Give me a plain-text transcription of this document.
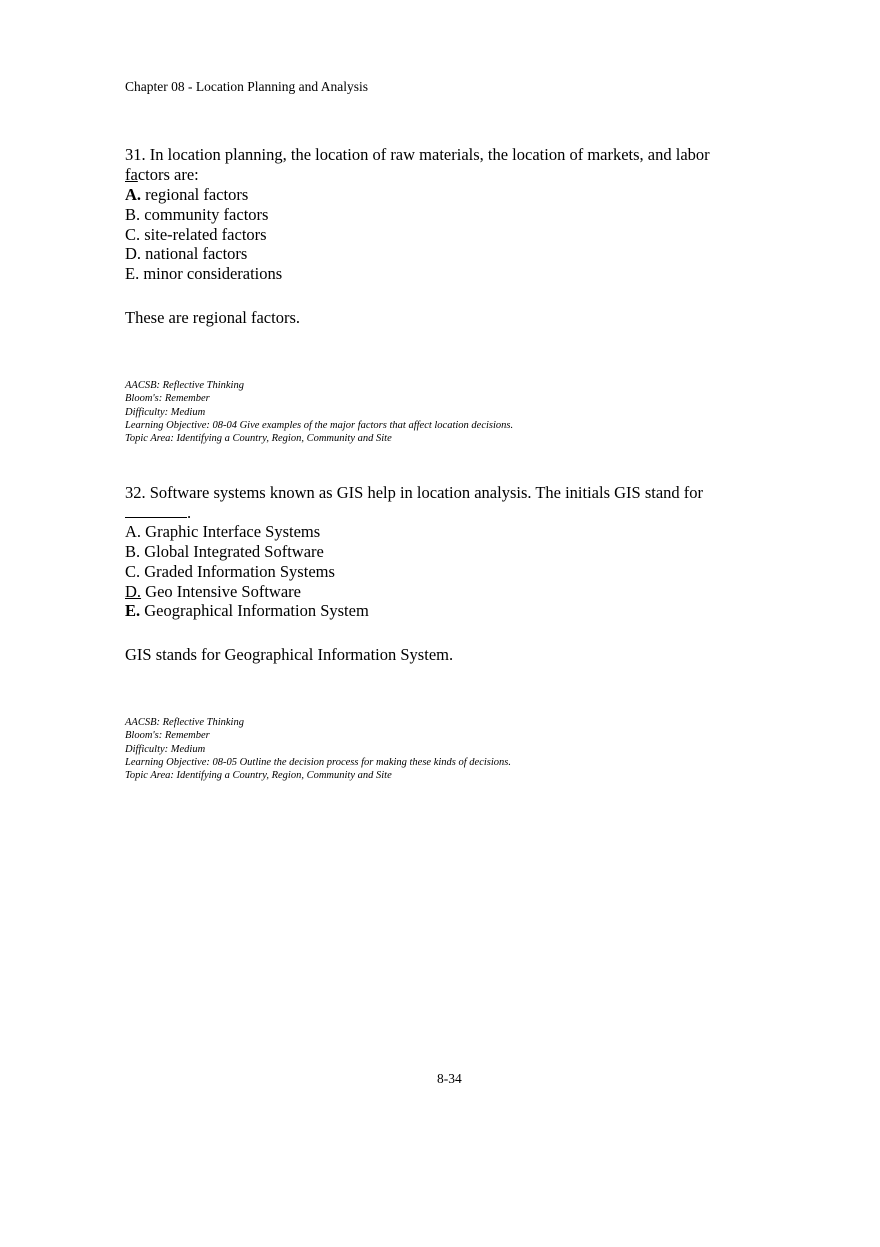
Chapter 08 - Location Planning and Analysis
31. In location planning, the location of raw materials, the location of markets, and labor
factors are:
A. regional factors
B. community factors
C. site-related factors
D. national factors
E. minor considerations
These are regional factors.
AACSB: Reflective Thinking
Bloom's: Remember
Difficulty: Medium
Learning Objective: 08-04 Give examples of the major factors that affect location decisions.
Topic Area: Identifying a Country, Region, Community and Site
32. Software systems known as GIS help in location analysis. The initials GIS stand for
.
A. Graphic Interface Systems
B. Global Integrated Software
C. Graded Information Systems
D. Geo Intensive Software
E. Geographical Information System
GIS stands for Geographical Information System.
AACSB: Reflective Thinking
Bloom's: Remember
Difficulty: Medium
Learning Objective: 08-05 Outline the decision process for making these kinds of decisions.
Topic Area: Identifying a Country, Region, Community and Site
8-34
